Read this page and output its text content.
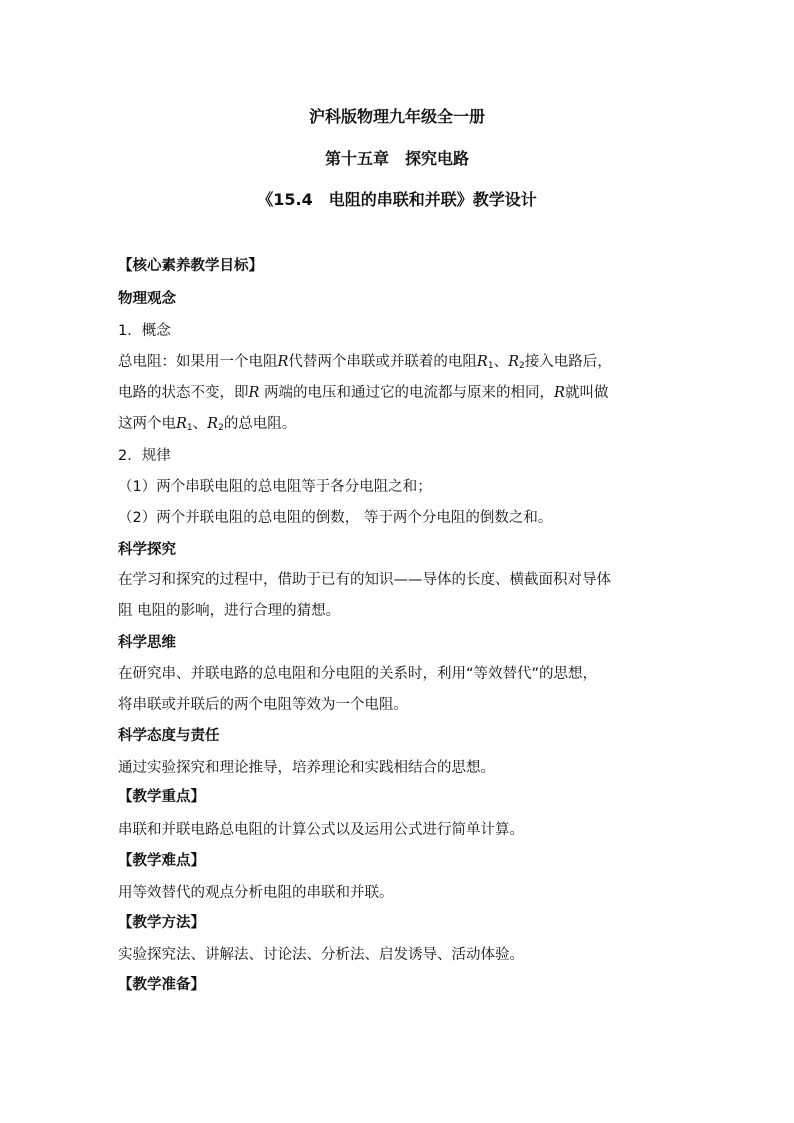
沪科版物理九年级全一册
第十五章　探究电路
《15.4　电阻的串联和并联》教学设计
【核心素养教学目标】
物理观念
1．概念
总电阻：如果用一个电阻R代替两个串联或并联着的电阻$R_1$、$R_2$接入电路后，
电路的状态不变，即R 两端的电压和通过它的电流都与原来的相同，R就叫做
这两个电$R_1$、$R_2$的总电阻。
2．规律
（1）两个串联电阻的总电阻等于各分电阻之和；
（2）两个并联电阻的总电阻的倒数， 等于两个分电阻的倒数之和。
科学探究
在学习和探究的过程中，借助于已有的知识——导体的长度、横截面积对导体
阻 电阻的影响，进行合理的猜想。
科学思维
在研究串、并联电路的总电阻和分电阻的关系时，利用“等效替代”的思想，
将串联或并联后的两个电阻等效为一个电阻。
科学态度与责任
通过实验探究和理论推导，培养理论和实践相结合的思想。
【教学重点】
串联和并联电路总电阻的计算公式以及运用公式进行简单计算。
【教学难点】
用等效替代的观点分析电阻的串联和并联。
【教学方法】
实验探究法、讲解法、讨论法、分析法、启发诱导、活动体验。
【教学准备】
